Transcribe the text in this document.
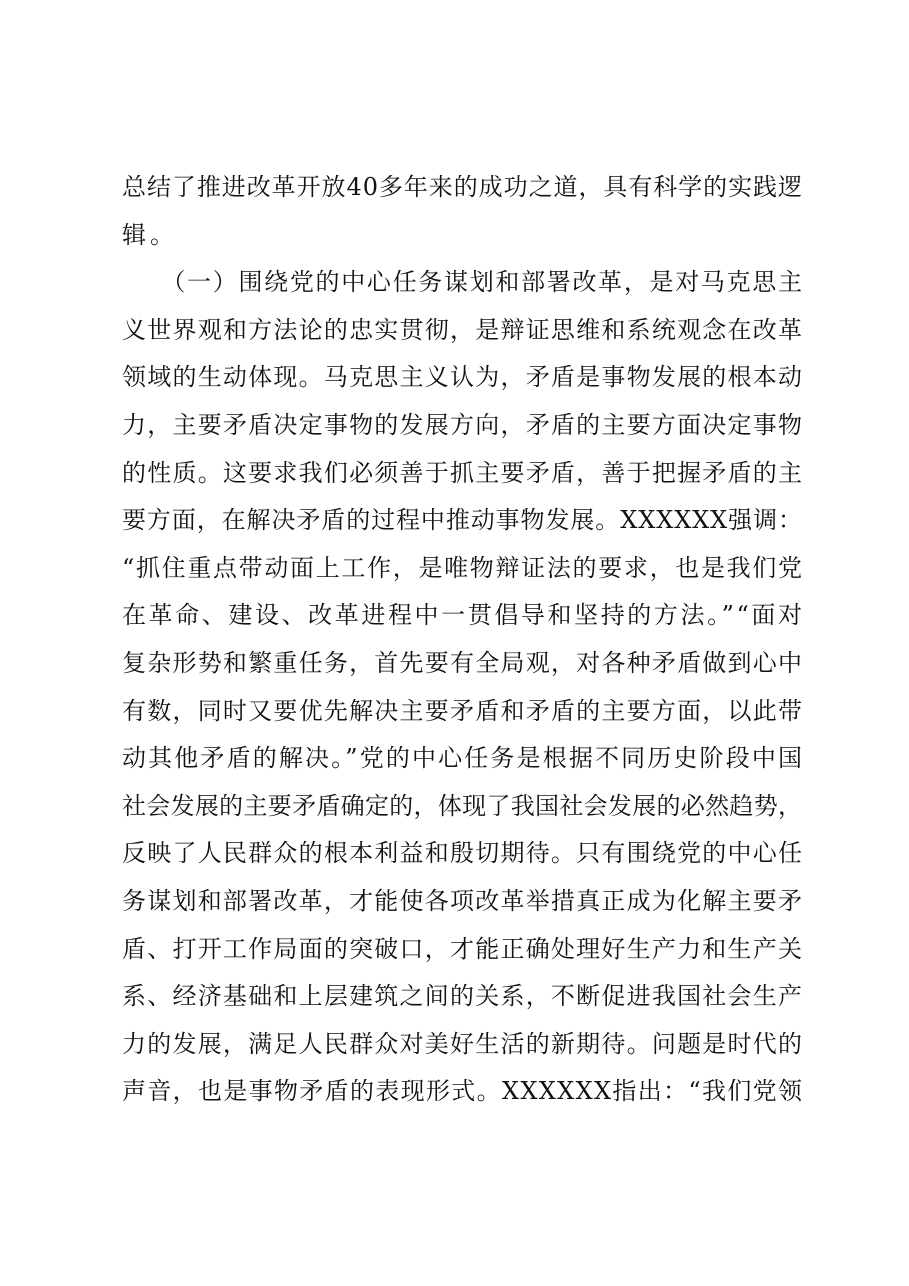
总结了推进改革开放40多年来的成功之道，具有科学的实践逻
辑。
　　（一）围绕党的中心任务谋划和部署改革，是对马克思主
义世界观和方法论的忠实贯彻，是辩证思维和系统观念在改革
领域的生动体现。马克思主义认为，矛盾是事物发展的根本动
力，主要矛盾决定事物的发展方向，矛盾的主要方面决定事物
的性质。这要求我们必须善于抓主要矛盾，善于把握矛盾的主
要方面，在解决矛盾的过程中推动事物发展。XXXXXX强调：
“抓住重点带动面上工作，是唯物辩证法的要求，也是我们党
在革命、建设、改革进程中一贯倡导和坚持的方法。”“面对
复杂形势和繁重任务，首先要有全局观，对各种矛盾做到心中
有数，同时又要优先解决主要矛盾和矛盾的主要方面，以此带
动其他矛盾的解决。”党的中心任务是根据不同历史阶段中国
社会发展的主要矛盾确定的，体现了我国社会发展的必然趋势，
反映了人民群众的根本利益和殷切期待。只有围绕党的中心任
务谋划和部署改革，才能使各项改革举措真正成为化解主要矛
盾、打开工作局面的突破口，才能正确处理好生产力和生产关
系、经济基础和上层建筑之间的关系，不断促进我国社会生产
力的发展，满足人民群众对美好生活的新期待。问题是时代的
声音，也是事物矛盾的表现形式。XXXXXX指出：“我们党领
